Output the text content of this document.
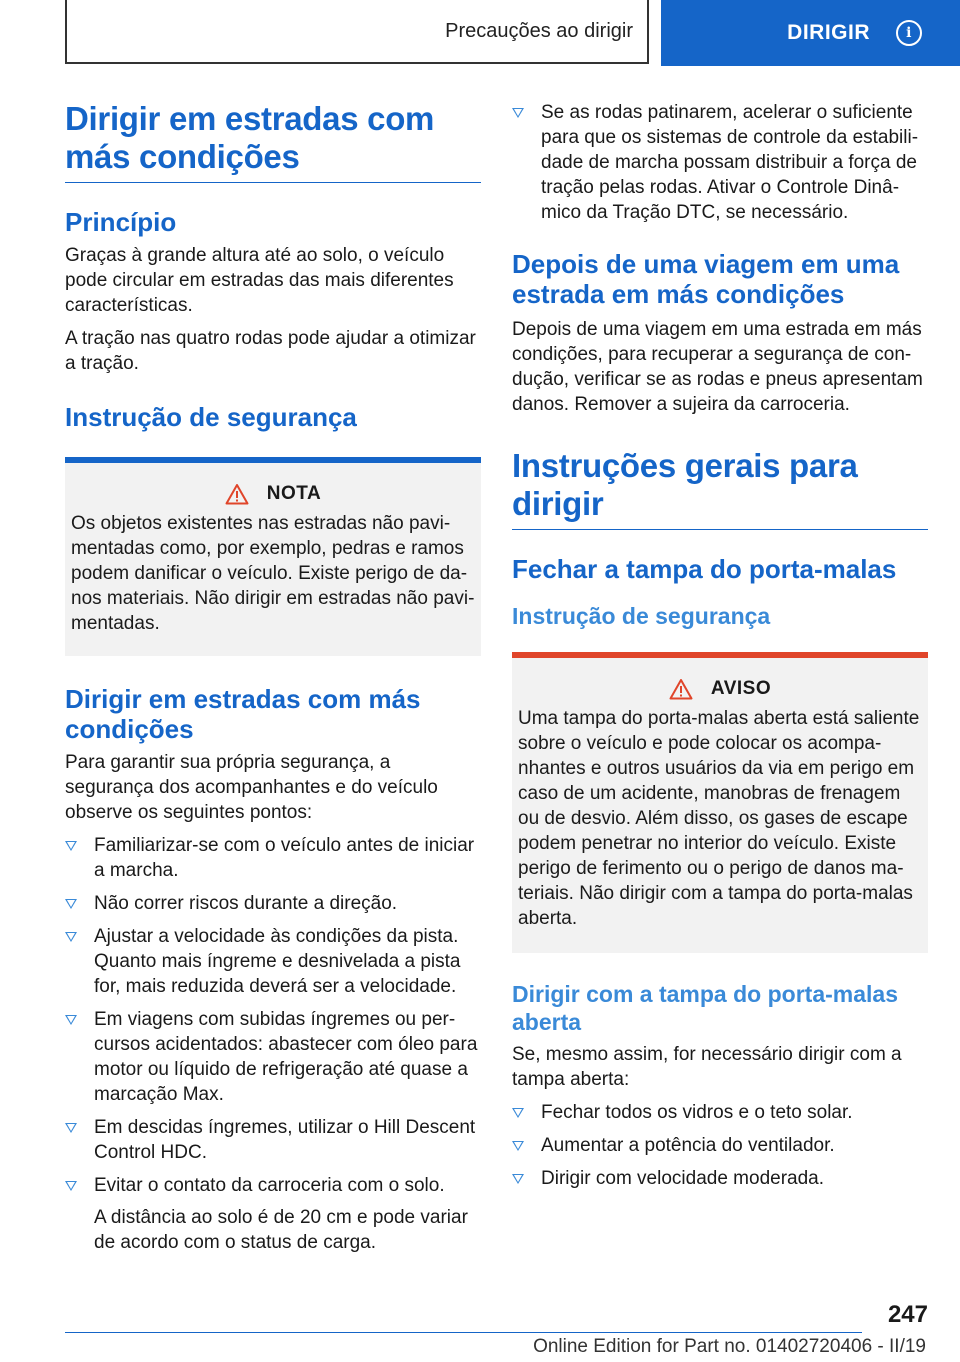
Precauções ao dirigir	DIRIGIR	i
Dirigir em estradas com más condições
Princípio

Graças à grande altura até ao solo, o veículo pode circular em estradas das mais diferentes características.

A tração nas quatro rodas pode ajudar a otimizar a tração.

Instrução de segurança
NOTA

Os objetos existentes nas estradas não pavimentadas como, por exemplo, pedras e ramos podem danificar o veículo. Existe perigo de danos materiais. Não dirigir em estradas não pavimentadas.

Dirigir em estradas com más condições

Para garantir sua própria segurança, a segurança dos acompanhantes e do veículo observe os seguintes pontos:

Familiarizar-se com o veículo antes de iniciar a marcha.
Não correr riscos durante a direção.
Ajustar a velocidade às condições da pista. Quanto mais íngreme e desnivelada a pista for, mais reduzida deverá ser a velocidade.
Em viagens com subidas íngremes ou percursos acidentados: abastecer com óleo para motor ou líquido de refrigeração até quase a marcação Max.
Em descidas íngremes, utilizar o Hill Descent Control HDC.
Evitar o contato da carroceria com o solo.
A distância ao solo é de 20 cm e pode variar de acordo com o status de carga.
Se as rodas patinarem, acelerar o suficiente para que os sistemas de controle da estabilidade de marcha possam distribuir a força de tração pelas rodas. Ativar o Controle Dinâmico da Tração DTC, se necessário.
Depois de uma viagem em uma estrada em más condições

Depois de uma viagem em uma estrada em más condições, para recuperar a segurança de condução, verificar se as rodas e pneus apresentam danos. Remover a sujeira da carroceria.

Instruções gerais para dirigir
Fechar a tampa do porta-malas
Instrução de segurança
AVISO

Uma tampa do porta-malas aberta está saliente sobre o veículo e pode colocar os acompanhantes e outros usuários da via em perigo em caso de um acidente, manobras de frenagem ou de desvio. Além disso, os gases de escape podem penetrar no interior do veículo. Existe perigo de ferimento ou o perigo de danos materiais. Não dirigir com a tampa do porta-malas aberta.

Dirigir com a tampa do porta-malas aberta

Se, mesmo assim, for necessário dirigir com a tampa aberta:

Fechar todos os vidros e o teto solar.
Aumentar a potência do ventilador.
Dirigir com velocidade moderada.
247
Online Edition for Part no. 01402720406 - II/19
